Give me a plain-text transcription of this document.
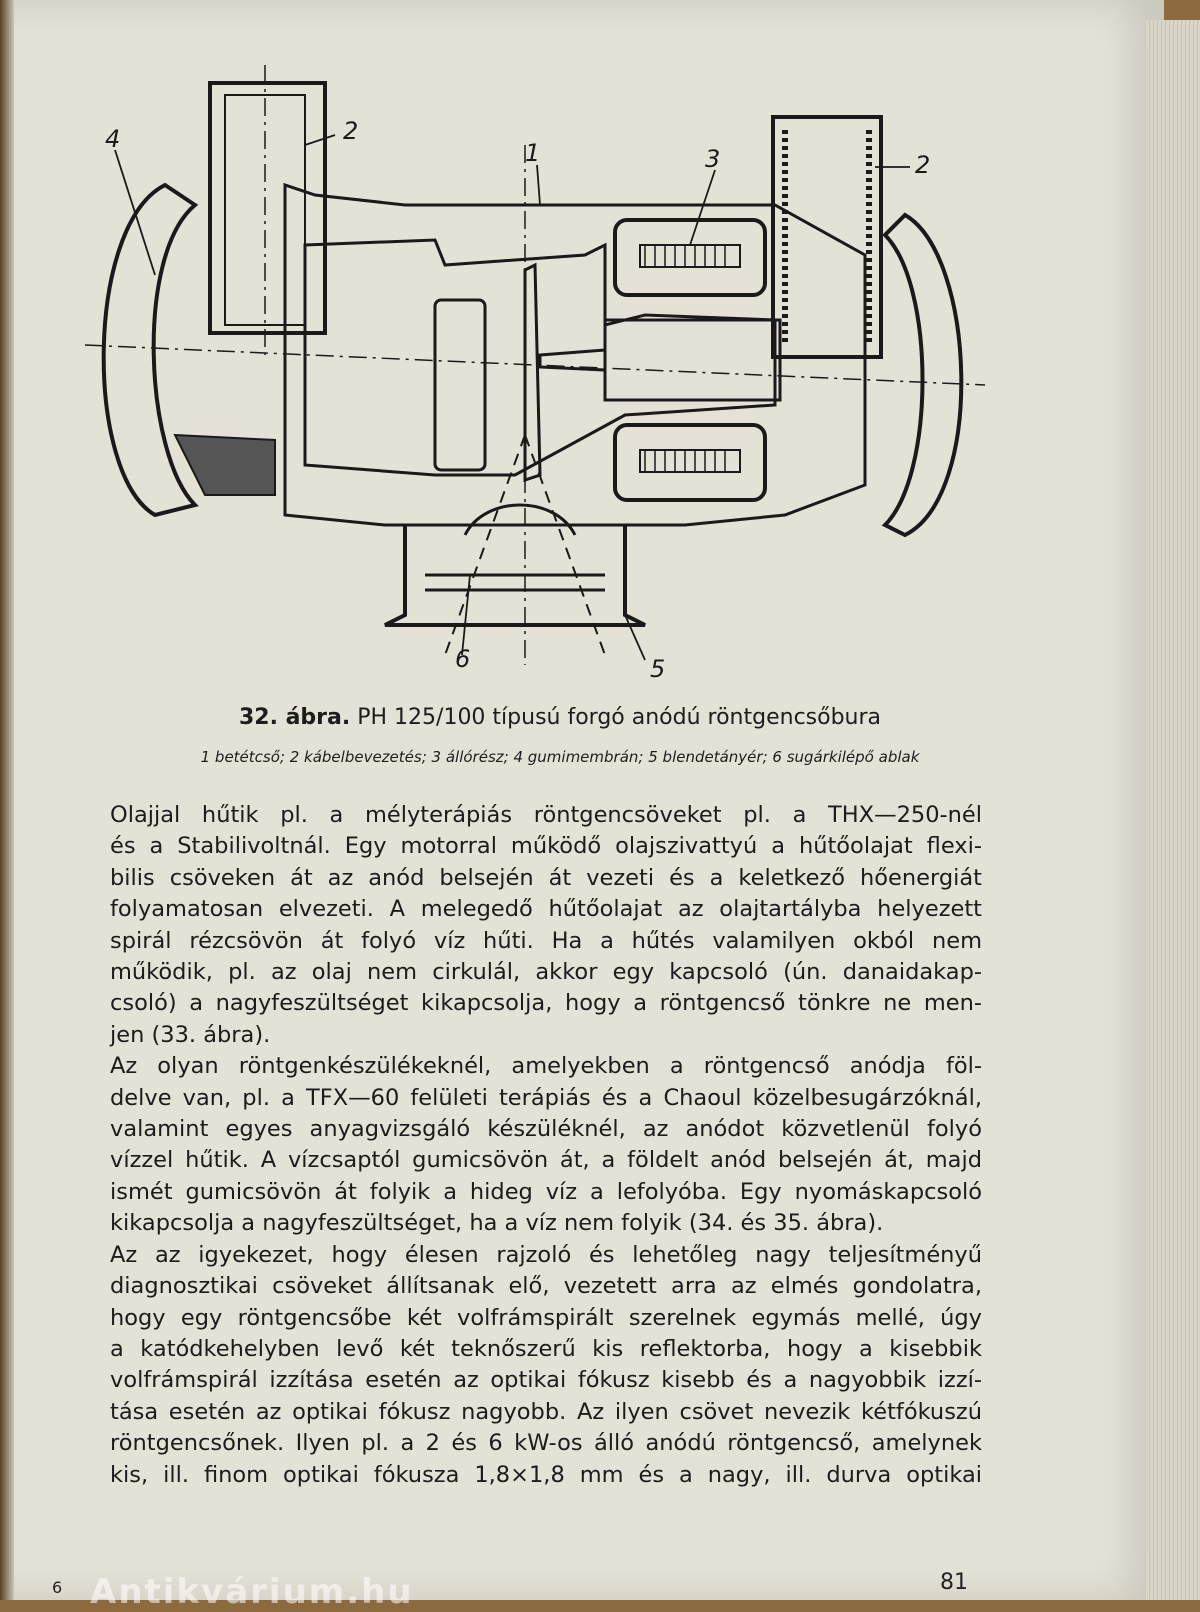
4	2
1	3	2
6	5
32. ábra. PH 125/100 típusú forgó anódú röntgencsőbura
1 betétcső; 2 kábelbevezetés; 3 állórész; 4 gumimembrán; 5 blendetányér; 6 sugárkilépő ablak

Olajjal hűtik pl. a mélyterápiás röntgencsöveket pl. a THX—250-nél
és a Stabilivoltnál. Egy motorral működő olajszivattyú a hűtőolajat flexi-
bilis csöveken át az anód belsején át vezeti és a keletkező hőenergiát
folyamatosan elvezeti. A melegedő hűtőolajat az olajtartályba helyezett
spirál rézcsövön át folyó víz hűti. Ha a hűtés valamilyen okból nem
működik, pl. az olaj nem cirkulál, akkor egy kapcsoló (ún. danaidakap-
csoló) a nagyfeszültséget kikapcsolja, hogy a röntgencső tönkre ne men-
jen (33. ábra).

Az olyan röntgenkészülékeknél, amelyekben a röntgencső anódja föl-
delve van, pl. a TFX—60 felületi terápiás és a Chaoul közelbesugárzóknál,
valamint egyes anyagvizsgáló készüléknél, az anódot közvetlenül folyó
vízzel hűtik. A vízcsaptól gumicsövön át, a földelt anód belsején át, majd
ismét gumicsövön át folyik a hideg víz a lefolyóba. Egy nyomáskapcsoló
kikapcsolja a nagyfeszültséget, ha a víz nem folyik (34. és 35. ábra).

Az az igyekezet, hogy élesen rajzoló és lehetőleg nagy teljesítményű
diagnosztikai csöveket állítsanak elő, vezetett arra az elmés gondolatra,
hogy egy röntgencsőbe két volfrámspirált szerelnek egymás mellé, úgy
a katódkehelyben levő két teknőszerű kis reflektorba, hogy a kisebbik
volfrámspirál izzítása esetén az optikai fókusz kisebb és a nagyobbik izzí-
tása esetén az optikai fókusz nagyobb. Az ilyen csövet nevezik kétfókuszú
röntgencsőnek. Ilyen pl. a 2 és 6 kW-os álló anódú röntgencső, amelynek
kis, ill. finom optikai fókusza 1,8×1,8 mm és a nagy, ill. durva optikai

6 Antikvárium.hu	81
